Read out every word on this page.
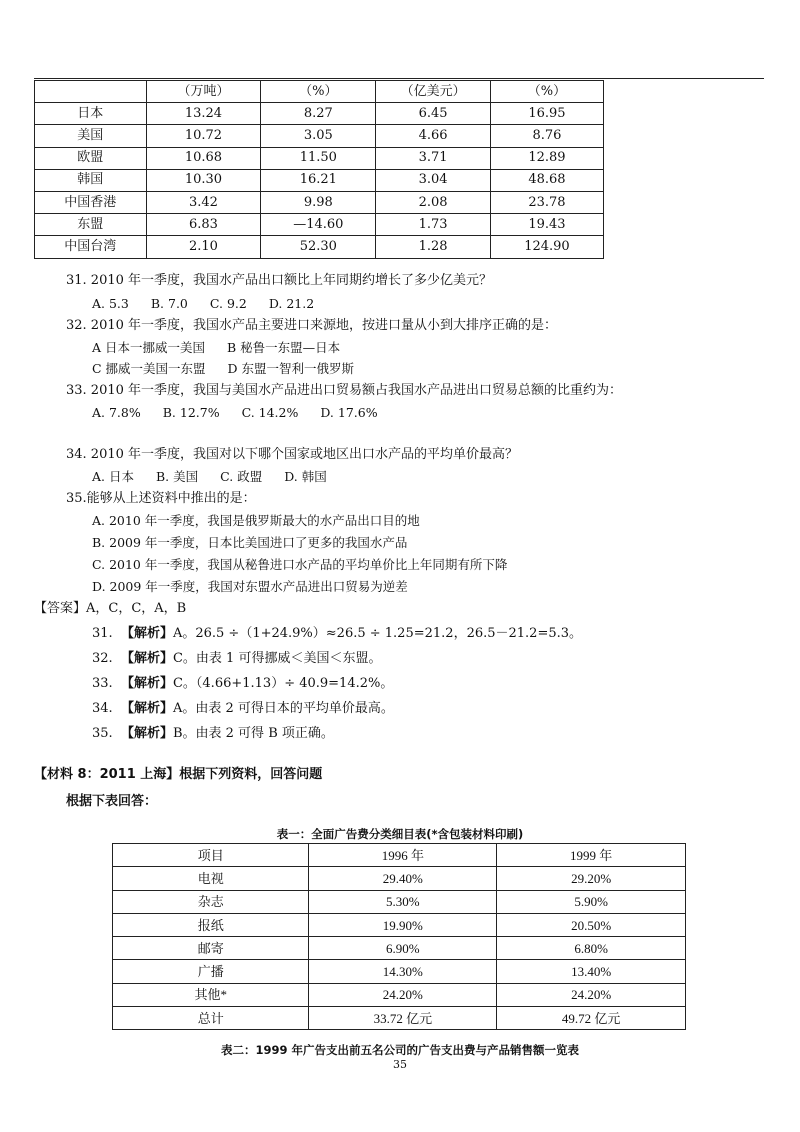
	（万吨）	（%）	（亿美元）	（%）
日本	13.24	8.27	6.45	16.95
美国	10.72	3.05	4.66	8.76
欧盟	10.68	11.50	3.71	12.89
韩国	10.30	16.21	3.04	48.68
中国香港	3.42	9.98	2.08	23.78
东盟	6.83	—14.60	1.73	19.43
中国台湾	2.10	52.30	1.28	124.90
31. 2010 年一季度，我国水产品出口额比上年同期约增长了多少亿美元？
A. 5.3 B. 7.0 C. 9.2 D. 21.2
32. 2010 年一季度，我国水产品主要进口来源地，按进口量从小到大排序正确的是：
A 日本一挪威一美国 B 秘鲁一东盟—日本
C 挪威一美国一东盟 D 东盟一智利一俄罗斯
33. 2010 年一季度，我国与美国水产品进出口贸易额占我国水产品进出口贸易总额的比重约为：
A. 7.8% B. 12.7% C. 14.2% D. 17.6%
34. 2010 年一季度，我国对以下哪个国家或地区出口水产品的平均单价最高？
A. 日本 B. 美国 C. 政盟 D. 韩国
35.能够从上述资料中推出的是：
A. 2010 年一季度，我国是俄罗斯最大的水产品出口目的地
B. 2009 年一季度，日本比美国进口了更多的我国水产品
C. 2010 年一季度，我国从秘鲁进口水产品的平均单价比上年同期有所下降
D. 2009 年一季度，我国对东盟水产品进出口贸易为逆差
【答案】A，C，C，A，B
31. 【解析】A。26.5 ÷（1+24.9%）≈26.5 ÷ 1.25=21.2，26.5－21.2=5.3。
32. 【解析】C。由表 1 可得挪威＜美国＜东盟。
33. 【解析】C。（4.66+1.13）÷ 40.9=14.2%。
34. 【解析】A。由表 2 可得日本的平均单价最高。
35. 【解析】B。由表 2 可得 B 项正确。
【材料 8：2011 上海】根据下列资料，回答问题
根据下表回答：
表一：全面广告费分类细目表(*含包装材料印刷)
项目	1996 年	1999 年
电视	29.40%	29.20%
杂志	5.30%	5.90%
报纸	19.90%	20.50%
邮寄	6.90%	6.80%
广播	14.30%	13.40%
其他*	24.20%	24.20%
总计	33.72 亿元	49.72 亿元
表二：1999 年广告支出前五名公司的广告支出费与产品销售额一览表
35
